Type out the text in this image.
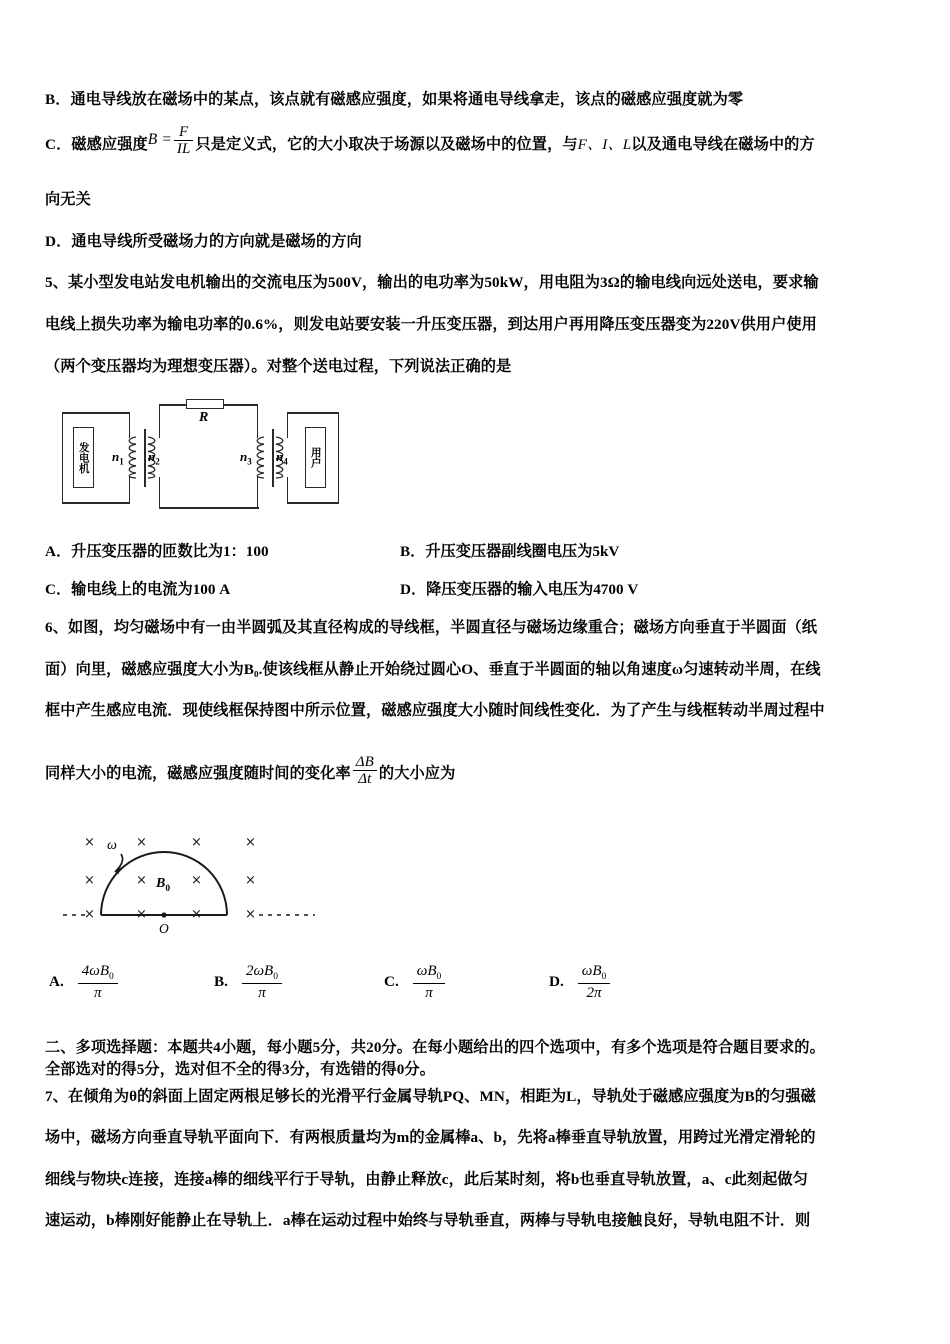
B．通电导线放在磁场中的某点，该点就有磁感应强度，如果将通电导线拿走，该点的磁感应强度就为零
C．磁感应强度$B = \frac{F}{IL}$ 只是定义式，它的大小取决于场源以及磁场中的位置，与F、I、L以及通电导线在磁场中的方
向无关
D．通电导线所受磁场力的方向就是磁场的方向
5、某小型发电站发电机输出的交流电压为500V，输出的电功率为50kW，用电阻为3Ω的输电线向远处送电，要求输
电线上损失功率为输电功率的0.6%，则发电站要安装一升压变压器，到达用户再用降压变压器变为220V供用户使用
（两个变压器均为理想变压器）。对整个送电过程，下列说法正确的是
发电机 $n_1$ $n_2$
R
$n_3$ $n_4$ 用户
A．升压变压器的匝数比为1：100	B．升压变压器副线圈电压为5kV
C．输电线上的电流为100 A	D．降压变压器的输入电压为4700 V
6、如图，均匀磁场中有一由半圆弧及其直径构成的导线框，半圆直径与磁场边缘重合；磁场方向垂直于半圆面（纸
面）向里，磁感应强度大小为B₀.使该线框从静止开始绕过圆心O、垂直于半圆面的轴以角速度ω匀速转动半周，在线
框中产生感应电流．现使线框保持图中所示位置，磁感应强度大小随时间线性变化．为了产生与线框转动半周过程中
同样大小的电流，磁感应强度随时间的变化率 $\frac{\Delta B}{\Delta t}$ 的大小应为
×	×	×	×
×	×	×	×
×	×	×	×
ω
$B_0$
O
A. $\frac{4\omega B_0}{\pi}$	B. $\frac{2\omega B_0}{\pi}$	C. $\frac{\omega B_0}{\pi}$	D. $\frac{\omega B_0}{2\pi}$
二、多项选择题：本题共4小题，每小题5分，共20分。在每小题给出的四个选项中，有多个选项是符合题目要求的。
全部选对的得5分，选对但不全的得3分，有选错的得0分。
7、在倾角为θ的斜面上固定两根足够长的光滑平行金属导轨PQ、MN，相距为L，导轨处于磁感应强度为B的匀强磁
场中，磁场方向垂直导轨平面向下．有两根质量均为m的金属棒a、b，先将a棒垂直导轨放置，用跨过光滑定滑轮的
细线与物块c连接，连接a棒的细线平行于导轨，由静止释放c，此后某时刻，将b也垂直导轨放置，a、c此刻起做匀
速运动，b棒刚好能静止在导轨上．a棒在运动过程中始终与导轨垂直，两棒与导轨电接触良好，导轨电阻不计．则
